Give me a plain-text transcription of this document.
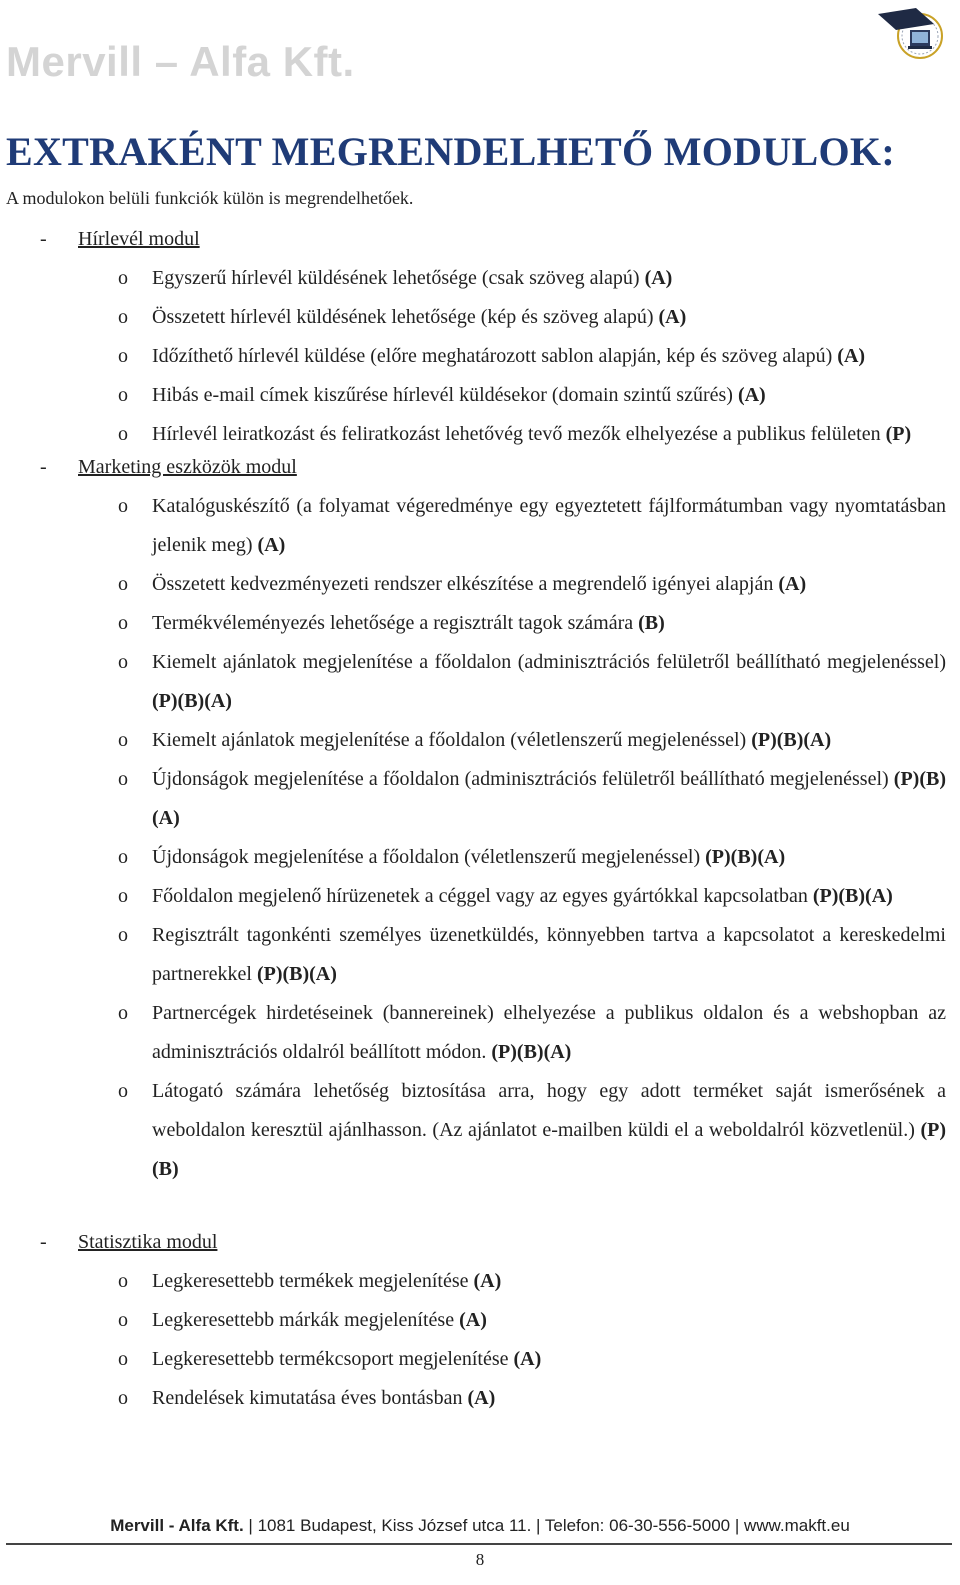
Mervill – Alfa Kft.
EXTRAKÉNT MEGRENDELHETŐ MODULOK:
A modulokon belüli funkciók külön is megrendelhetőek.
- Hírlevél modul
o Egyszerű hírlevél küldésének lehetősége (csak szöveg alapú) (A)
o Összetett hírlevél küldésének lehetősége (kép és szöveg alapú) (A)
o Időzíthető hírlevél küldése (előre meghatározott sablon alapján, kép és szöveg alapú) (A)
o Hibás e-mail címek kiszűrése hírlevél küldésekor (domain szintű szűrés) (A)
o Hírlevél leiratkozást és feliratkozást lehetővég tevő mezők elhelyezése a publikus felületen (P)
- Marketing eszközök modul
o Katalóguskészítő (a folyamat végeredménye egy egyeztetett fájlformátumban vagy nyomtatásban jelenik meg) (A)
o Összetett kedvezményezeti rendszer elkészítése a megrendelő igényei alapján (A)
o Termékvéleményezés lehetősége a regisztrált tagok számára (B)
o Kiemelt ajánlatok megjelenítése a főoldalon (adminisztrációs felületről beállítható megjelenéssel) (P)(B)(A)
o Kiemelt ajánlatok megjelenítése a főoldalon (véletlenszerű megjelenéssel) (P)(B)(A)
o Újdonságok megjelenítése a főoldalon (adminisztrációs felületről beállítható megjelenéssel) (P)(B)(A)
o Újdonságok megjelenítése a főoldalon (véletlenszerű megjelenéssel) (P)(B)(A)
o Főoldalon megjelenő hírüzenetek a céggel vagy az egyes gyártókkal kapcsolatban (P)(B)(A)
o Regisztrált tagonkénti személyes üzenetküldés, könnyebben tartva a kapcsolatot a kereskedelmi partnerekkel (P)(B)(A)
o Partnercégek hirdetéseinek (bannereinek) elhelyezése a publikus oldalon és a webshopban az adminisztrációs oldalról beállított módon. (P)(B)(A)
o Látogató számára lehetőség biztosítása arra, hogy egy adott terméket saját ismerősének a weboldalon keresztül ajánlhasson. (Az ajánlatot e-mailben küldi el a weboldalról közvetlenül.) (P)(B)
- Statisztika modul
o Legkeresettebb termékek megjelenítése (A)
o Legkeresettebb márkák megjelenítése (A)
o Legkeresettebb termékcsoport megjelenítése (A)
o Rendelések kimutatása éves bontásban (A)
Mervill - Alfa Kft. | 1081 Budapest, Kiss József utca 11. | Telefon: 06-30-556-5000 | www.makft.eu
8
